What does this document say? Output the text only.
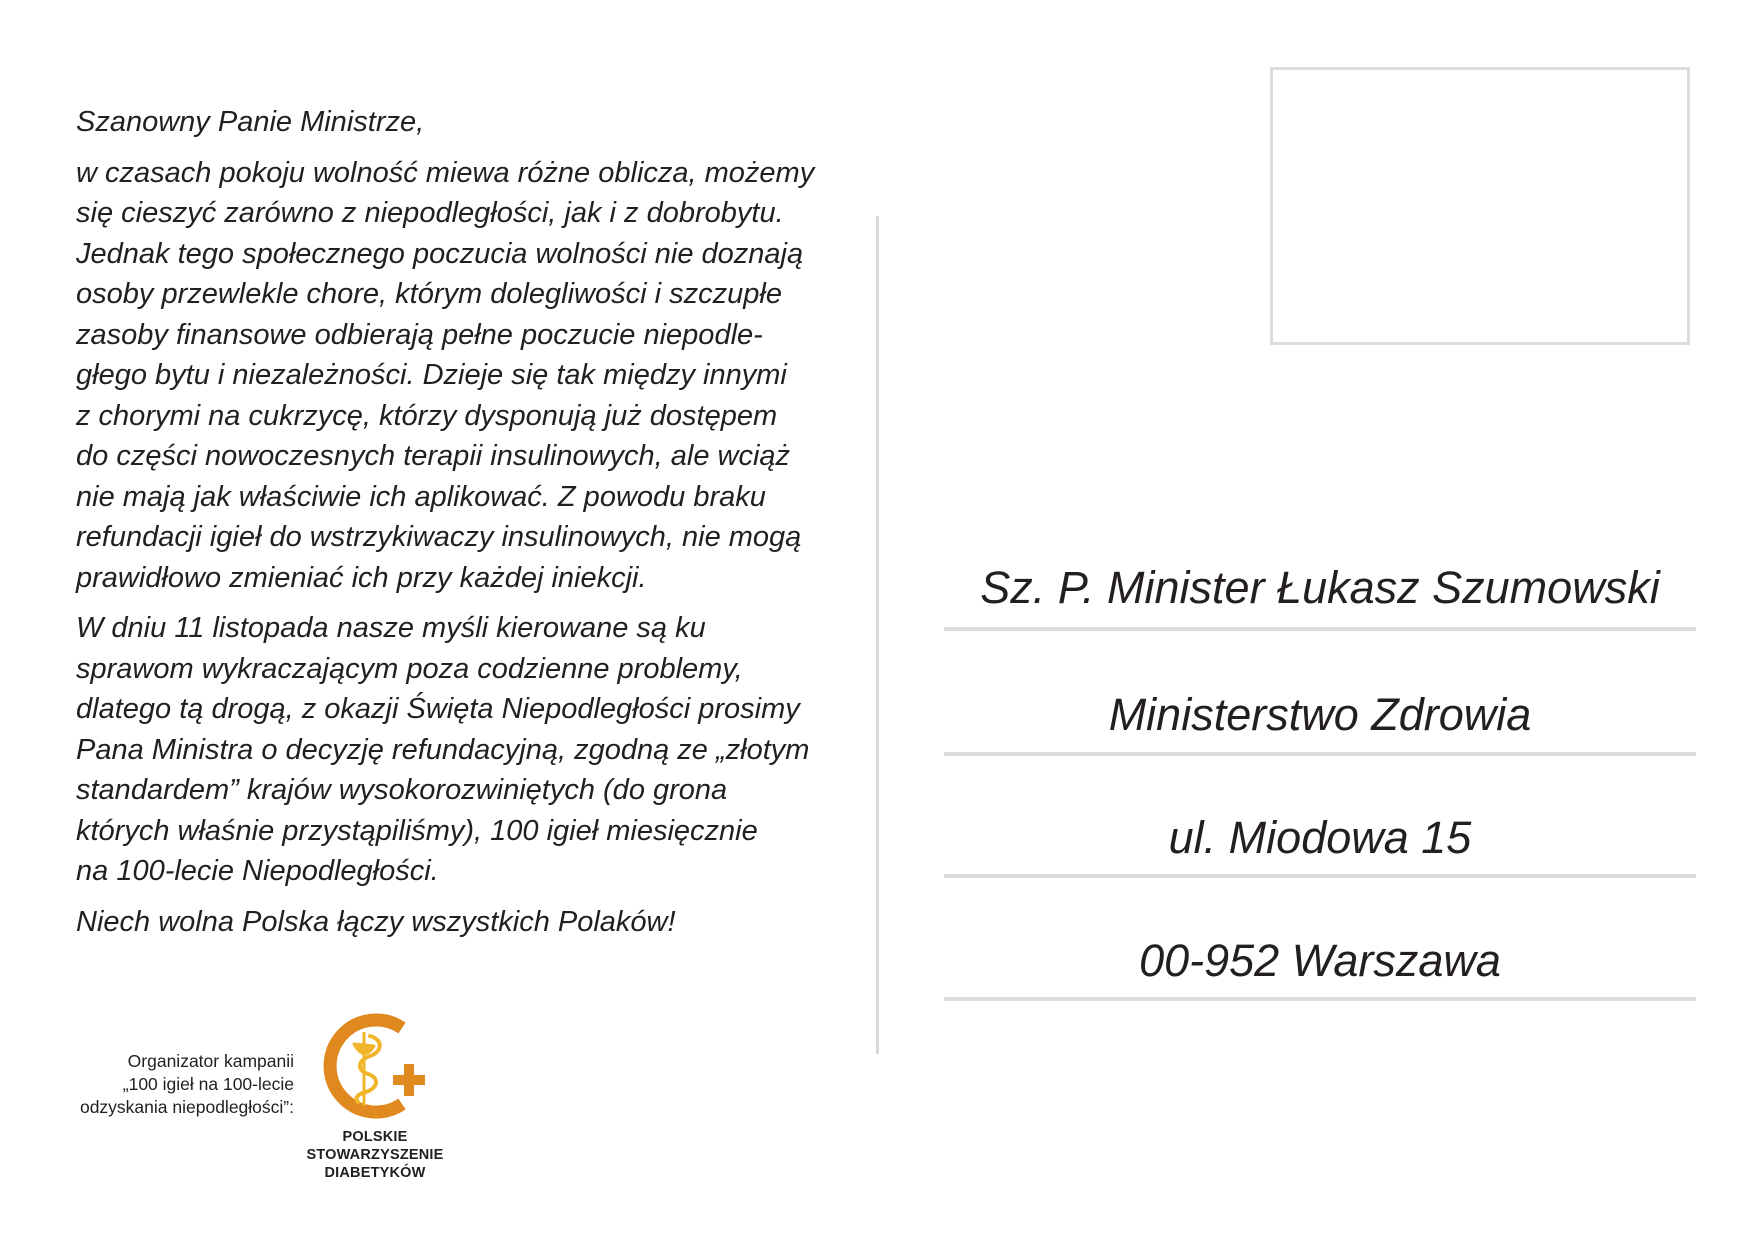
Szanowny Panie Ministrze,

w czasach pokoju wolność miewa różne oblicza, możemy
się cieszyć zarówno z niepodległości, jak i z dobrobytu.
Jednak tego społecznego poczucia wolności nie doznają
osoby przewlekle chore, którym dolegliwości i szczupłe
zasoby finansowe odbierają pełne poczucie niepodle-
głego bytu i niezależności. Dzieje się tak między innymi
z chorymi na cukrzycę, którzy dysponują już dostępem
do części nowoczesnych terapii insulinowych, ale wciąż
nie mają jak właściwie ich aplikować. Z powodu braku
refundacji igieł do wstrzykiwaczy insulinowych, nie mogą
prawidłowo zmieniać ich przy każdej iniekcji.

W dniu 11 listopada nasze myśli kierowane są ku
sprawom wykraczającym poza codzienne problemy,
dlatego tą drogą, z okazji Święta Niepodległości prosimy
Pana Ministra o decyzję refundacyjną, zgodną ze „złotym
standardem” krajów wysokorozwiniętych (do grona
których właśnie przystąpiliśmy), 100 igieł miesięcznie
na 100-lecie Niepodległości.

Niech wolna Polska łączy wszystkich Polaków!

Sz. P. Minister Łukasz Szumowski
Ministerstwo Zdrowia
ul. Miodowa 15
00-952 Warszawa
Organizator kampanii
„100 igieł na 100-lecie
odzyskania niepodległości”:
POLSKIE
STOWARZYSZENIE
DIABETYKÓW
